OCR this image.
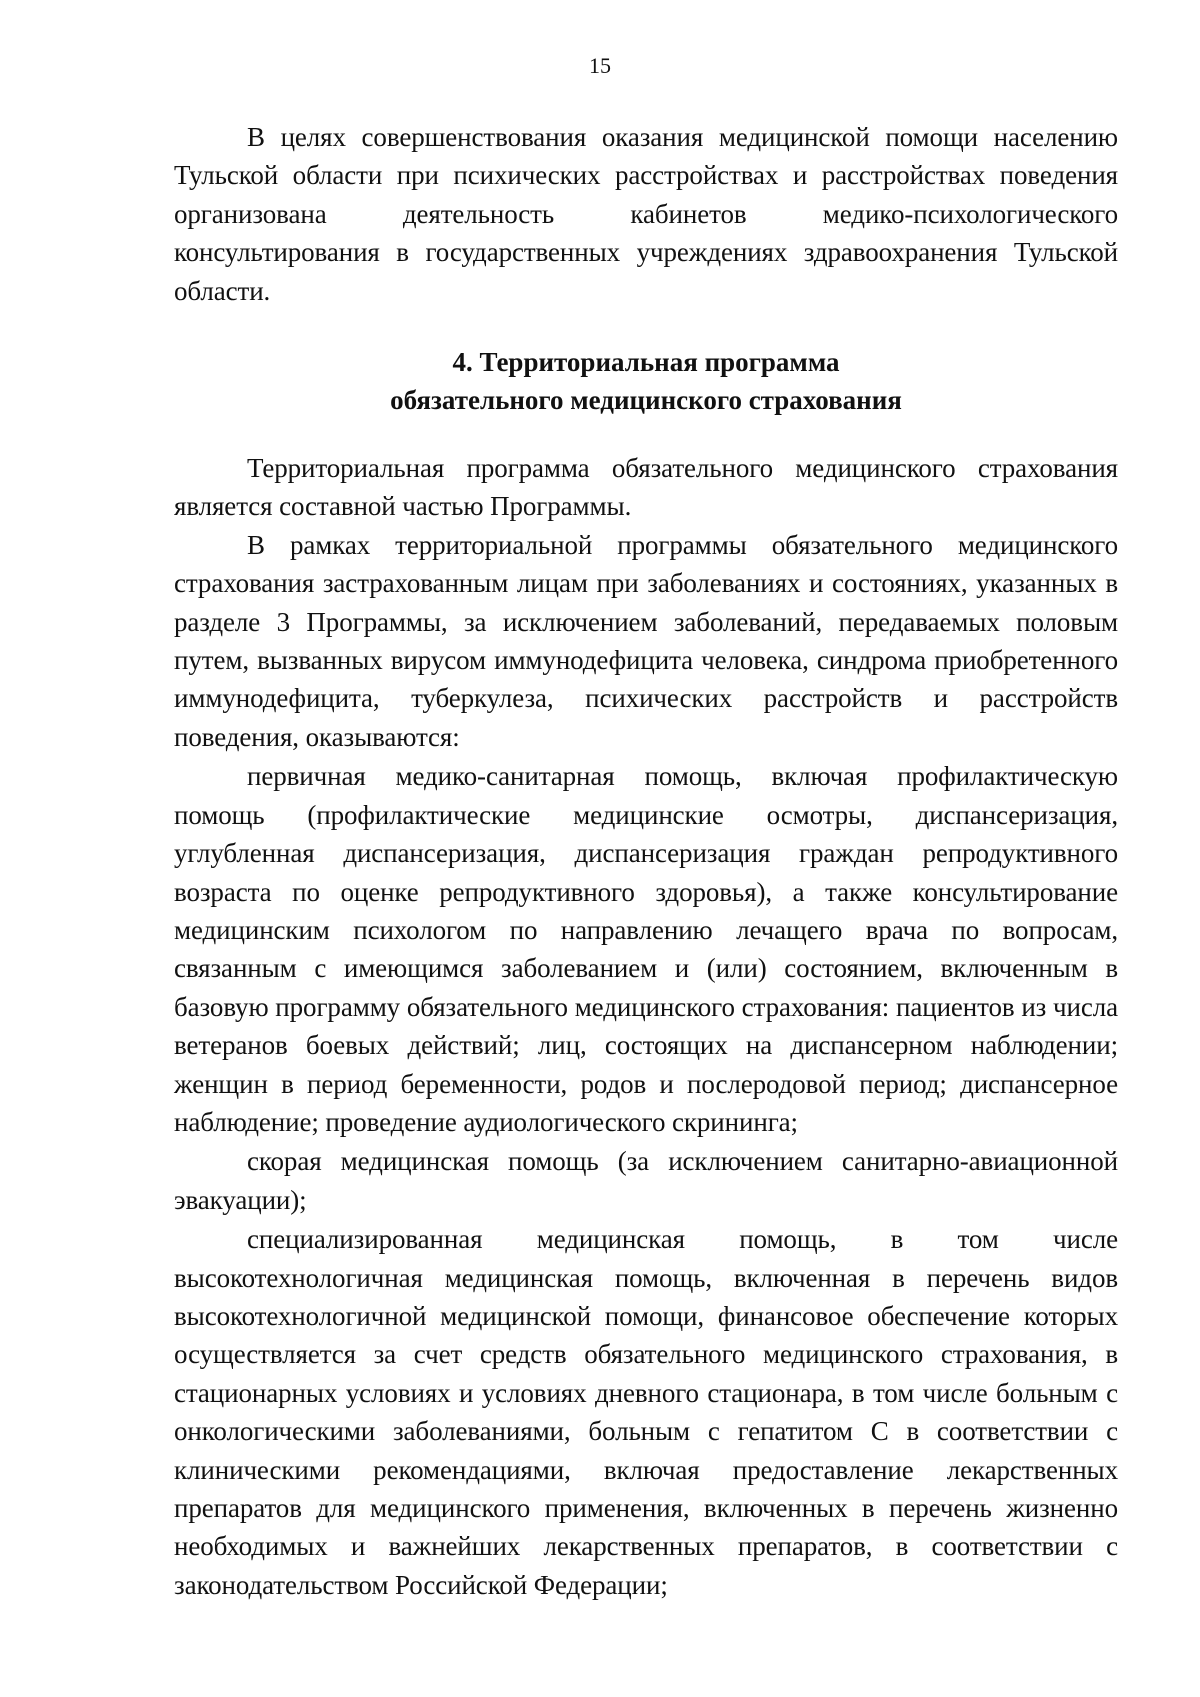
15

В целях совершенствования оказания медицинской помощи населению Тульской области при психических расстройствах и расстройствах поведения организована деятельность кабинетов медико-психологического консультирования в государственных учреждениях здравоохранения Тульской области.

4. Территориальная программа
обязательного медицинского страхования

Территориальная программа обязательного медицинского страхования является составной частью Программы.

В рамках территориальной программы обязательного медицинского страхования застрахованным лицам при заболеваниях и состояниях, указанных в разделе 3 Программы, за исключением заболеваний, передаваемых половым путем, вызванных вирусом иммунодефицита человека, синдрома приобретенного иммунодефицита, туберкулеза, психических расстройств и расстройств поведения, оказываются:

первичная медико-санитарная помощь, включая профилактическую помощь (профилактические медицинские осмотры, диспансеризация, углубленная диспансеризация, диспансеризация граждан репродуктивного возраста по оценке репродуктивного здоровья), а также консультирование медицинским психологом по направлению лечащего врача по вопросам, связанным с имеющимся заболеванием и (или) состоянием, включенным в базовую программу обязательного медицинского страхования: пациентов из числа ветеранов боевых действий; лиц, состоящих на диспансерном наблюдении; женщин в период беременности, родов и послеродовой период; диспансерное наблюдение; проведение аудиологического скрининга;

скорая медицинская помощь (за исключением санитарно-авиационной эвакуации);

специализированная медицинская помощь, в том числе высокотехнологичная медицинская помощь, включенная в перечень видов высокотехнологичной медицинской помощи, финансовое обеспечение которых осуществляется за счет средств обязательного медицинского страхования, в стационарных условиях и условиях дневного стационара, в том числе больным с онкологическими заболеваниями, больным с гепатитом С в соответствии с клиническими рекомендациями, включая предоставление лекарственных препаратов для медицинского применения, включенных в перечень жизненно необходимых и важнейших лекарственных препаратов, в соответствии с законодательством Российской Федерации;
